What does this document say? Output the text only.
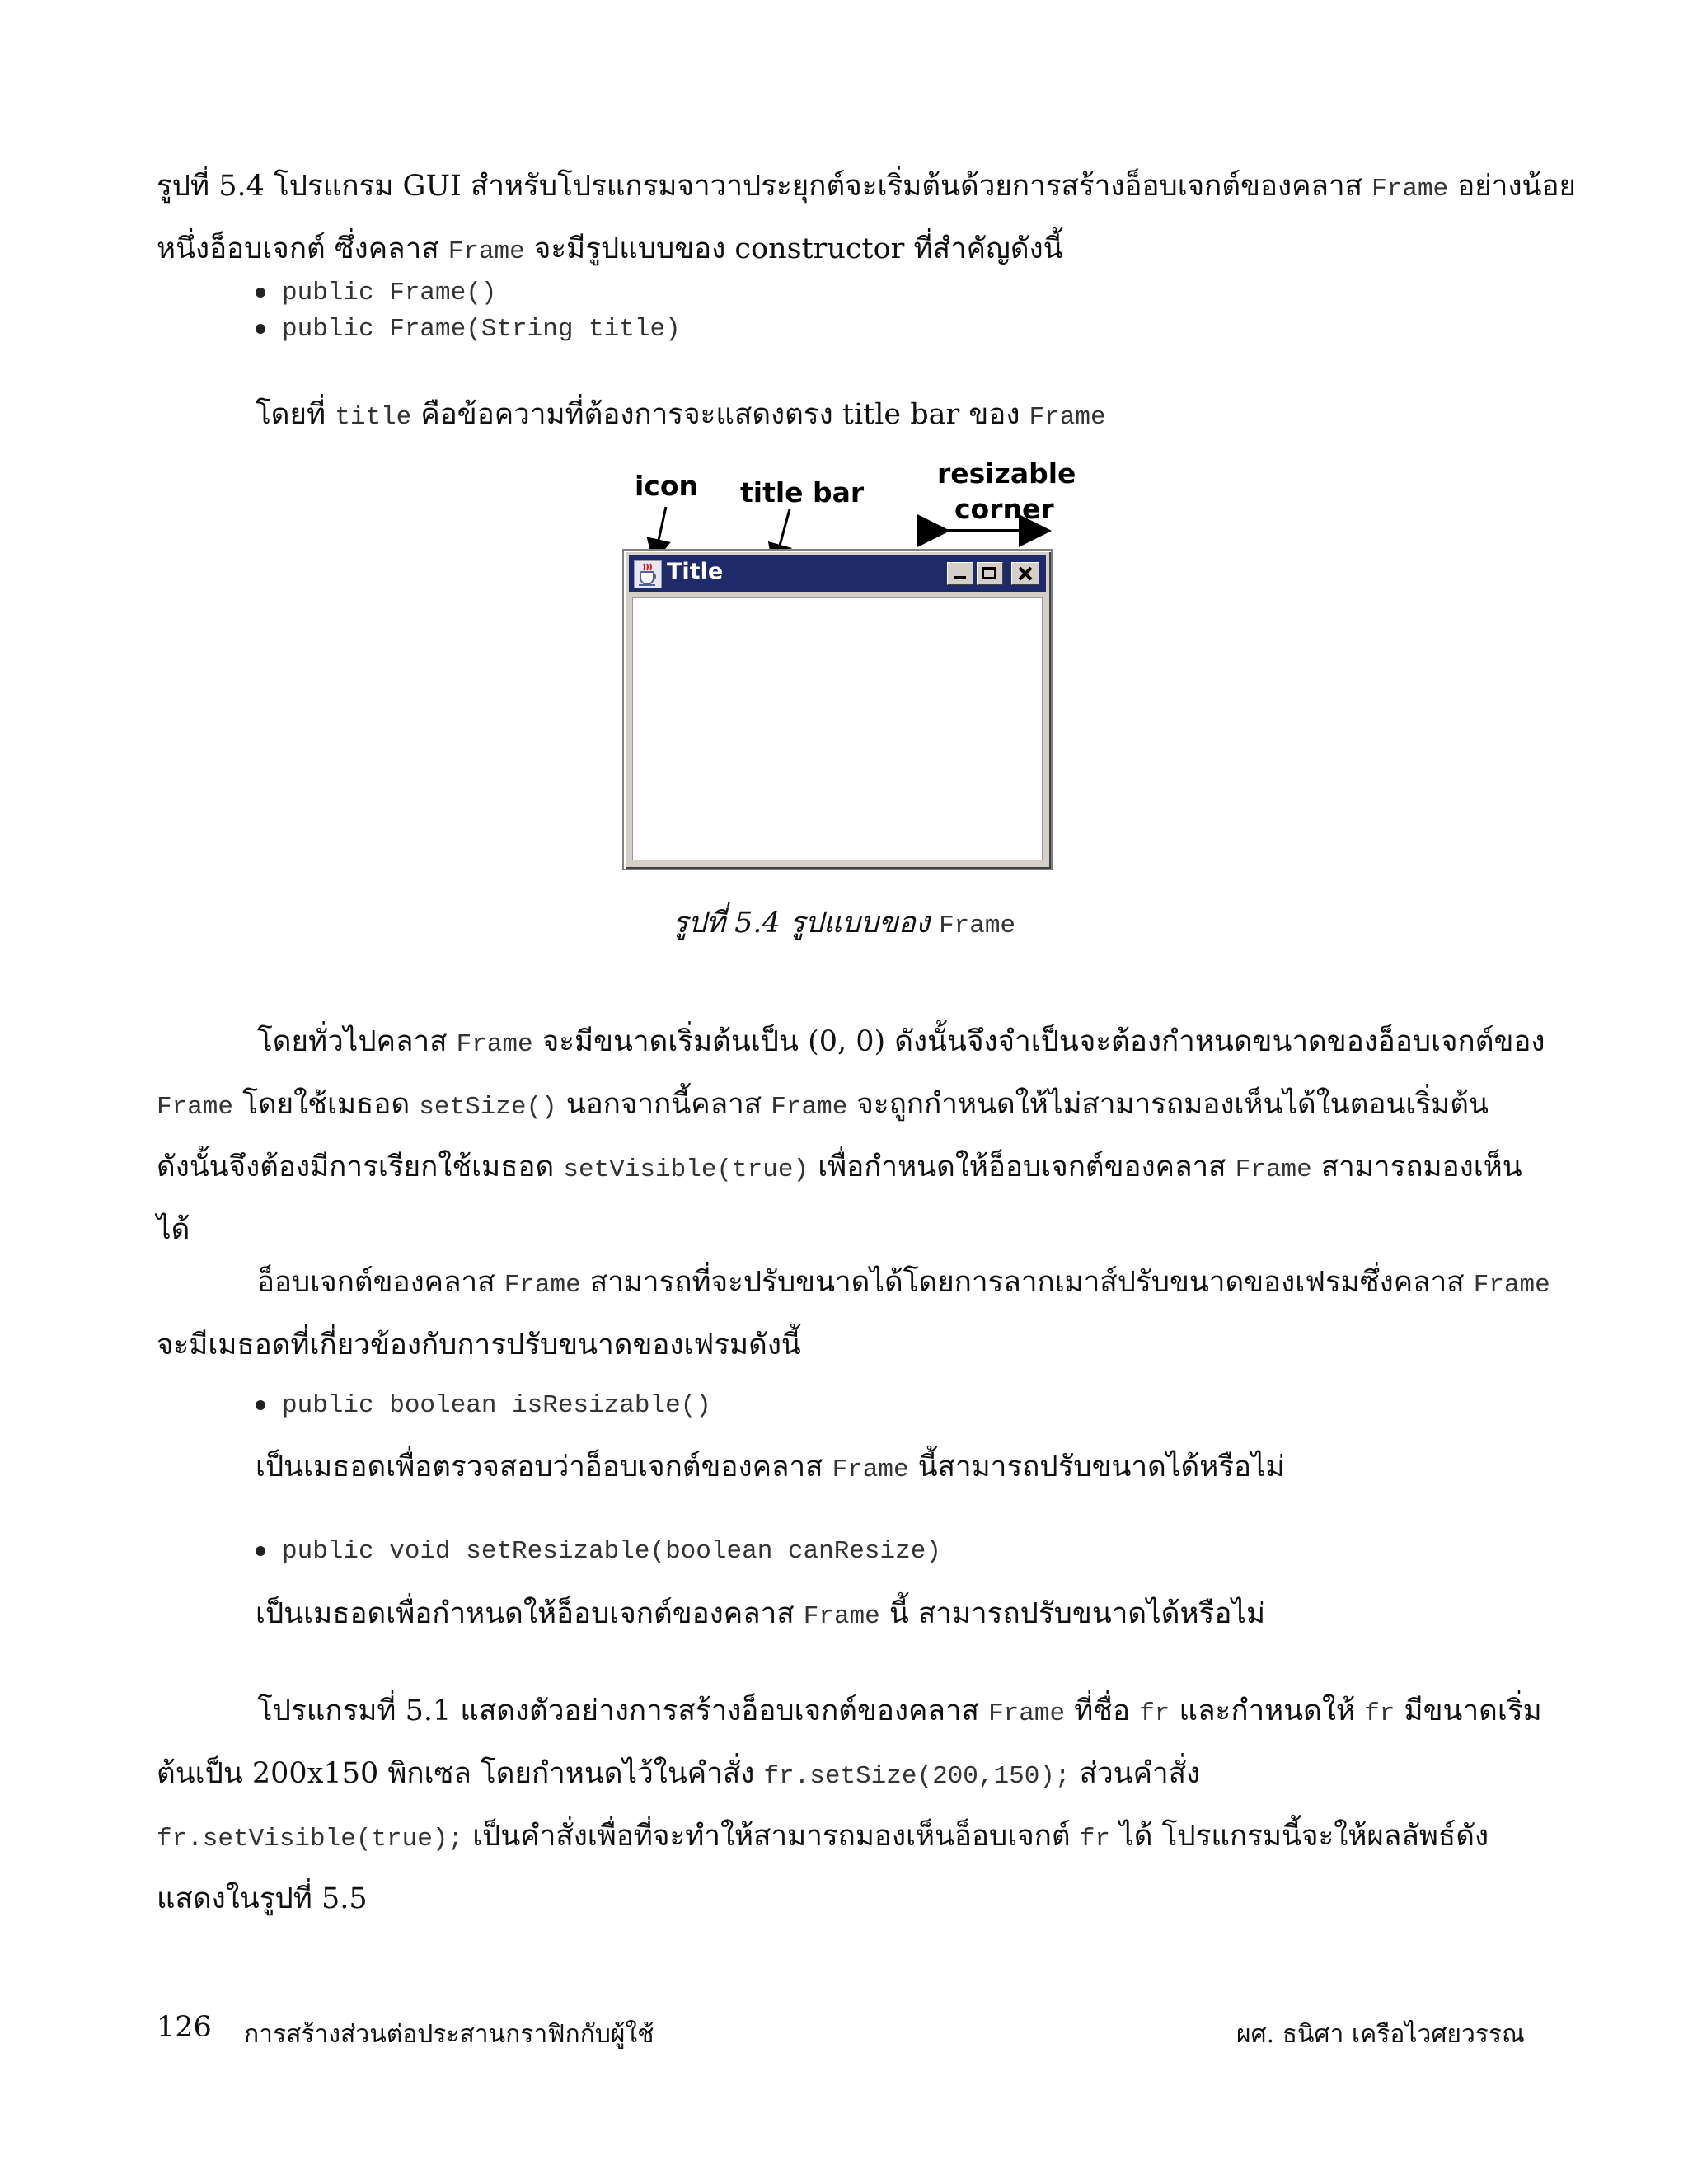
รูปที่ 5.4 โปรแกรม GUI สำหรับโปรแกรมจาวาประยุกต์จะเริ่มต้นด้วยการสร้างอ็อบเจกต์ของคลาส Frame อย่างน้อย
หนึ่งอ็อบเจกต์ ซึ่งคลาส Frame จะมีรูปแบบของ constructor ที่สำคัญดังนี้
public Frame()
public Frame(String title)
โดยที่ title คือข้อความที่ต้องการจะแสดงตรง title bar ของ Frame
icon title bar
resizable
corner
Title
รูปที่ 5.4 รูปแบบของ Frame
โดยทั่วไปคลาส Frame จะมีขนาดเริ่มต้นเป็น (0, 0) ดังนั้นจึงจำเป็นจะต้องกำหนดขนาดของอ็อบเจกต์ของ
Frame โดยใช้เมธอด setSize() นอกจากนี้คลาส Frame จะถูกกำหนดให้ไม่สามารถมองเห็นได้ในตอนเริ่มต้น
ดังนั้นจึงต้องมีการเรียกใช้เมธอด setVisible(true) เพื่อกำหนดให้อ็อบเจกต์ของคลาส Frame สามารถมองเห็น
ได้
อ็อบเจกต์ของคลาส Frame สามารถที่จะปรับขนาดได้โดยการลากเมาส์ปรับขนาดของเฟรมซึ่งคลาส Frame
จะมีเมธอดที่เกี่ยวข้องกับการปรับขนาดของเฟรมดังนี้
public boolean isResizable()
เป็นเมธอดเพื่อตรวจสอบว่าอ็อบเจกต์ของคลาส Frame นี้สามารถปรับขนาดได้หรือไม่
public void setResizable(boolean canResize)
เป็นเมธอดเพื่อกำหนดให้อ็อบเจกต์ของคลาส Frame นี้ สามารถปรับขนาดได้หรือไม่
โปรแกรมที่ 5.1 แสดงตัวอย่างการสร้างอ็อบเจกต์ของคลาส Frame ที่ชื่อ fr และกำหนดให้ fr มีขนาดเริ่ม
ต้นเป็น 200x150 พิกเซล โดยกำหนดไว้ในคำสั่ง fr.setSize(200,150); ส่วนคำสั่ง
fr.setVisible(true); เป็นคำสั่งเพื่อที่จะทำให้สามารถมองเห็นอ็อบเจกต์ fr ได้ โปรแกรมนี้จะให้ผลลัพธ์ดัง
แสดงในรูปที่ 5.5
126 การสร้างส่วนต่อประสานกราฟิกกับผู้ใช้	ผศ. ธนิศา เครือไวศยวรรณ
